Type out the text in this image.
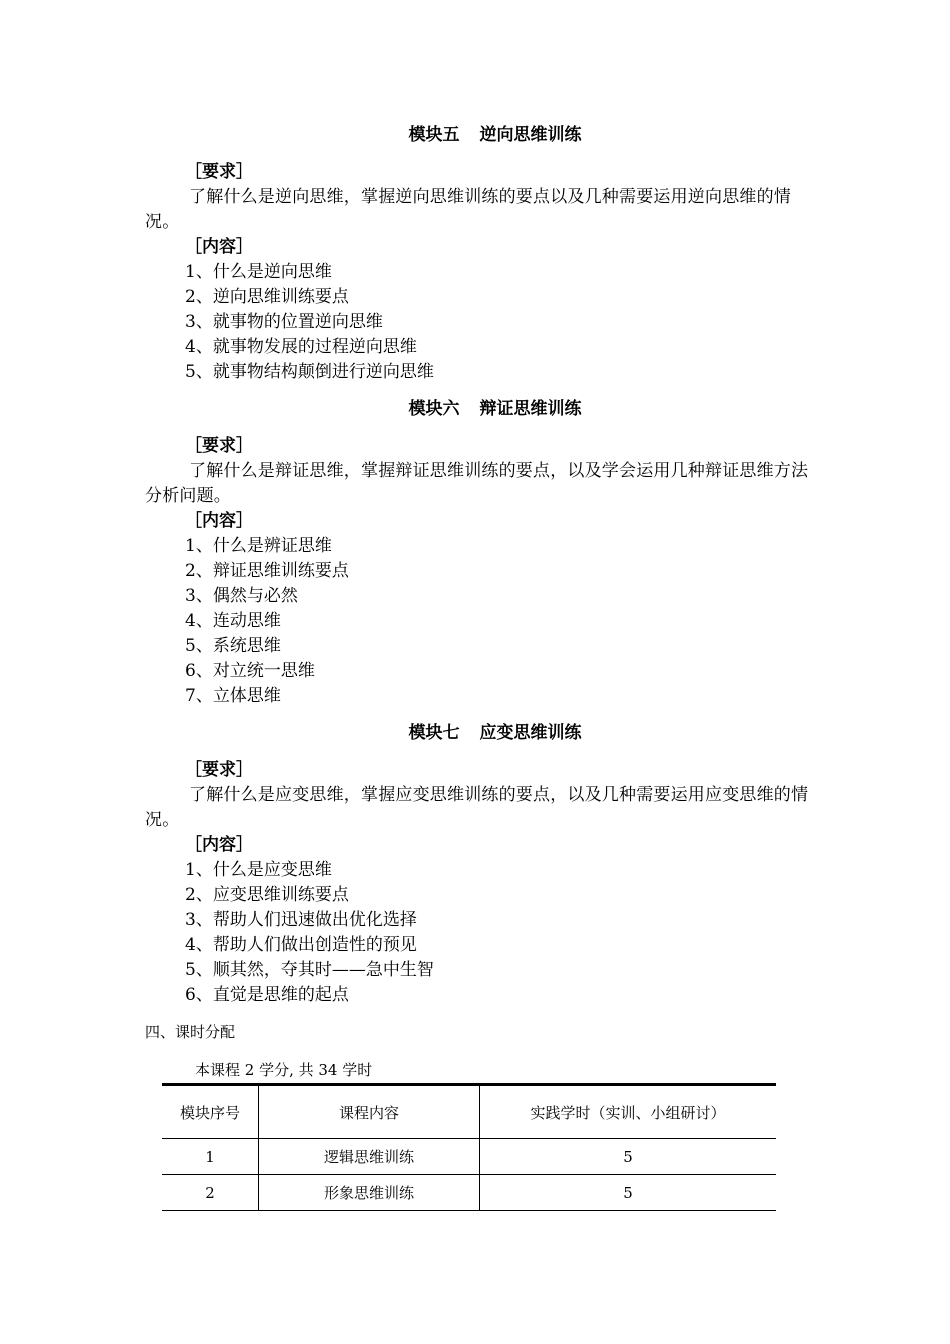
模块五 逆向思维训练
［要求］
了解什么是逆向思维，掌握逆向思维训练的要点以及几种需要运用逆向思维的情况。
［内容］
1、什么是逆向思维
2、逆向思维训练要点
3、就事物的位置逆向思维
4、就事物发展的过程逆向思维
5、就事物结构颠倒进行逆向思维
模块六 辩证思维训练
［要求］
了解什么是辩证思维，掌握辩证思维训练的要点，以及学会运用几种辩证思维方法分析问题。
［内容］
1、什么是辨证思维
2、辩证思维训练要点
3、偶然与必然
4、连动思维
5、系统思维
6、对立统一思维
7、立体思维
模块七 应变思维训练
［要求］
了解什么是应变思维，掌握应变思维训练的要点，以及几种需要运用应变思维的情况。
［内容］
1、什么是应变思维
2、应变思维训练要点
3、帮助人们迅速做出优化选择
4、帮助人们做出创造性的预见
5、顺其然，夺其时——急中生智
6、直觉是思维的起点
四、课时分配
本课程 2 学分, 共 34 学时
模块序号	课程内容	实践学时（实训、小组研讨）
1	逻辑思维训练	5
2	形象思维训练	5
